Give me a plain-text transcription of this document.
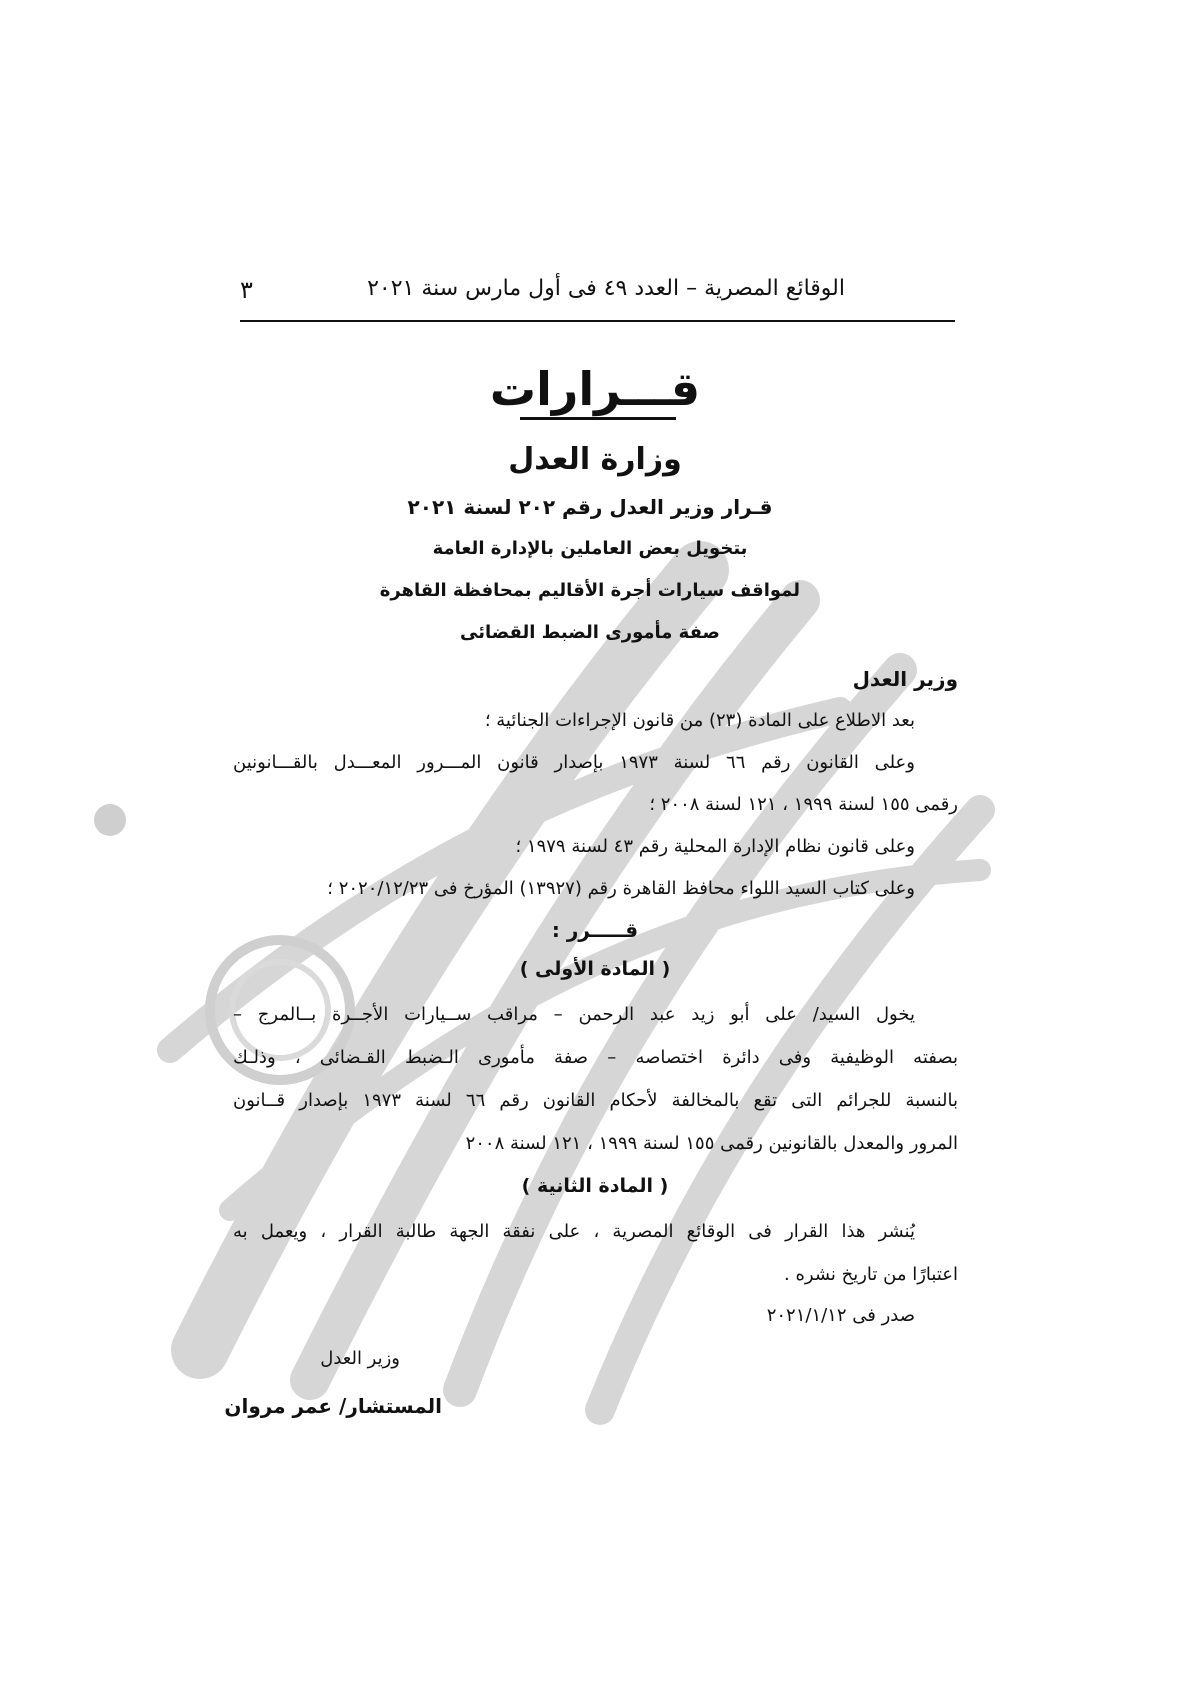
الوقائع المصرية – العدد ٤٩ فى أول مارس سنة ٢٠٢١
٣
قـــرارات
وزارة العدل
قـرار وزير العدل رقم ٢٠٢ لسنة ٢٠٢١
بتخويل بعض العاملين بالإدارة العامة
لمواقف سيارات أجرة الأقاليم بمحافظة القاهرة
صفة مأمورى الضبط القضائى
وزير العدل
بعد الاطلاع على المادة (٢٣) من قانون الإجراءات الجنائية ؛
وعلى القانون رقم ٦٦ لسنة ١٩٧٣ بإصدار قانون المـــرور المعـــدل بالقـــانونين
رقمى ١٥٥ لسنة ١٩٩٩ ، ١٢١ لسنة ٢٠٠٨ ؛
وعلى قانون نظام الإدارة المحلية رقم ٤٣ لسنة ١٩٧٩ ؛
وعلى كتاب السيد اللواء محافظ القاهرة رقم (١٣٩٢٧) المؤرخ فى ٢٠٢٠/١٢/٢٣ ؛
قـــــرر :
( المادة الأولى )
يخول السيد/ على أبو زيد عبد الرحمن – مراقب ســيارات الأجــرة بــالمرج –
بصفته الوظيفية وفى دائرة اختصاصه – صفة مأمورى الـضبط القـضائى ، وذلـك
بالنسبة للجرائم التى تقع بالمخالفة لأحكام القانون رقم ٦٦ لسنة ١٩٧٣ بإصدار قــانون
المرور والمعدل بالقانونين رقمى ١٥٥ لسنة ١٩٩٩ ، ١٢١ لسنة ٢٠٠٨
( المادة الثانية )
يُنشر هذا القرار فى الوقائع المصرية ، على نفقة الجهة طالبة القرار ، ويعمل به
اعتبارًا من تاريخ نشره .
صدر فى ٢٠٢١/١/١٢
وزير العدل
المستشار/ عمر مروان
